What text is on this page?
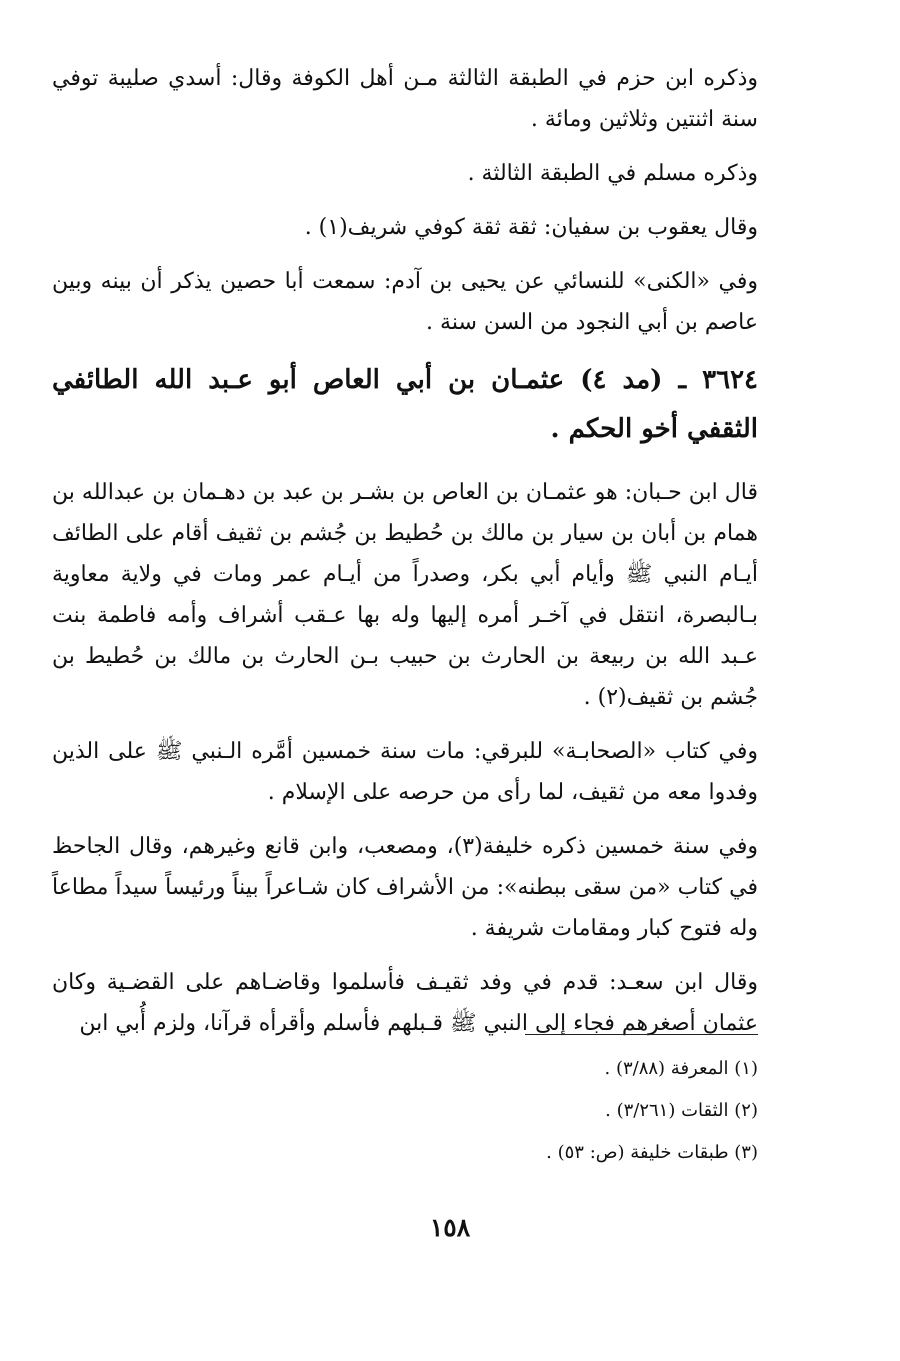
وذكره ابن حزم في الطبقة الثالثة مـن أهل الكوفة وقال: أسدي صليبة توفي سنة اثنتين وثلاثين ومائة .

وذكره مسلم في الطبقة الثالثة .

وقال يعقوب بن سفيان: ثقة ثقة كوفي شريف(١) .

وفي «الكنى» للنسائي عن يحيى بن آدم: سمعت أبا حصين يذكر أن بينه وبين عاصم بن أبي النجود من السن سنة .

٣٦٢٤ ـ (مد ٤) عثمـان بن أبي العاص أبو عـبد الله الطائفي الثقفي أخو الحكم .

قال ابن حـبان: هو عثمـان بن العاص بن بشـر بن عبد بن دهـمان بن عبدالله بن همام بن أبان بن سيار بن مالك بن حُطيط بن جُشم بن ثقيف أقام على الطائف أيـام النبي ﷺ وأيام أبي بكر، وصدراً من أيـام عمر ومات في ولاية معاوية بـالبصرة، انتقل في آخـر أمره إليها وله بها عـقب أشراف وأمه فاطمة بنت عـبد الله بن ربيعة بن الحارث بن حبيب بـن الحارث بن مالك بن حُطيط بن جُشم بن ثقيف(٢) .

وفي كتاب «الصحابـة» للبرقي: مات سنة خمسين أمَّره الـنبي ﷺ على الذين وفدوا معه من ثقيف، لما رأى من حرصه على الإسلام .

وفي سنة خمسين ذكره خليفة(٣)، ومصعب، وابن قانع وغيرهم، وقال الجاحظ في كتاب «من سقى ببطنه»: من الأشراف كان شـاعراً بيناً ورئيساً سيداً مطاعاً وله فتوح كبار ومقامات شريفة .

وقال ابن سعـد: قدم في وفد ثقيـف فأسلموا وقاضـاهم على القضـية وكان عثمان أصغرهم فجاء إلى النبي ﷺ قـبلهم فأسلم وأقرأه قرآنا، ولزم أُبي ابن

(١) المعرفة (٣/٨٨) .

(٢) الثقات (٣/٢٦١) .

(٣) طبقات خليفة (ص: ٥٣) .

١٥٨
